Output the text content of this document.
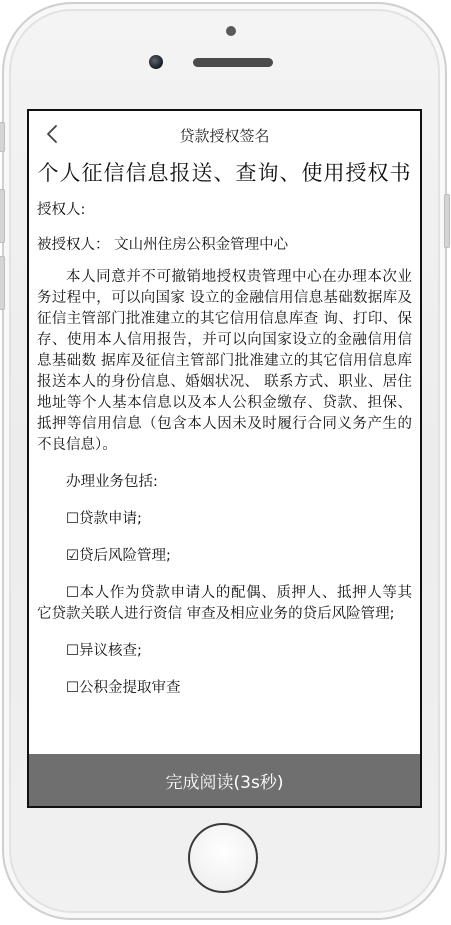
贷款授权签名
个人征信信息报送、查询、使用授权书

授权人:

被授权人： 文山州住房公积金管理中心

本人同意并不可撤销地授权贵管理中心在办理本次业务过程中，可以向国家 设立的金融信用信息基础数据库及征信主管部门批准建立的其它信用信息库查 询、打印、保存、使用本人信用报告，并可以向国家设立的金融信用信息基础数 据库及征信主管部门批准建立的其它信用信息库报送本人的身份信息、婚姻状况、 联系方式、职业、居住地址等个人基本信息以及本人公积金缴存、贷款、担保、 抵押等信用信息（包含本人因未及时履行合同义务产生的不良信息）。

办理业务包括:

☐贷款申请;

☑贷后风险管理;

☐本人作为贷款申请人的配偶、质押人、抵押人等其它贷款关联人进行资信 审查及相应业务的贷后风险管理;

☐异议核查;

☐公积金提取审查

完成阅读(3s秒)
